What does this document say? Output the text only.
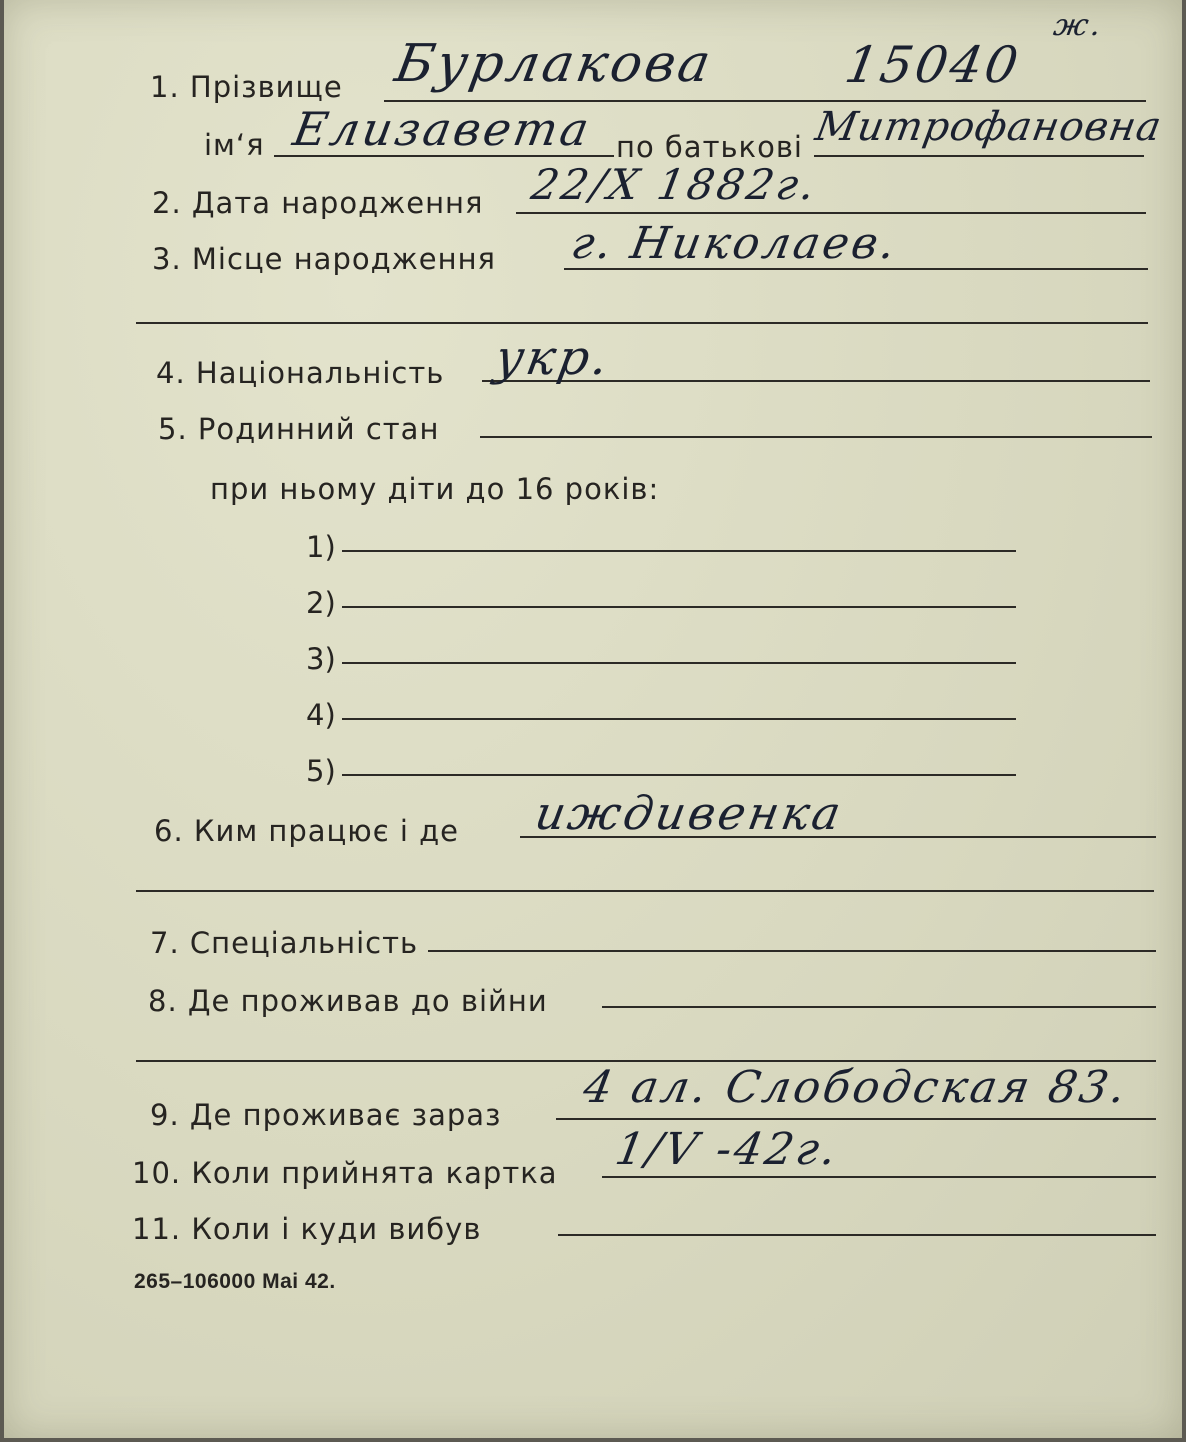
1. Прізвище Бурлакова 15040
ж.
ім‘я Елизавета по батькові Митрофановна
2. Дата народження 22/X 1882г.
3. Місце народження г. Николаев.
4. Національність укр.
5. Родинний стан
при ньому діти до 16 років:
1)
2)
3)
4)
5)
6. Ким працює і де иждивенка
7. Спеціальність
8. Де проживав до війни
9. Де проживає зараз
4 ал. Слободская 83.
10. Коли прийнята картка 1/V -42г.
11. Коли і куди вибув
265–106000 Mai 42.
